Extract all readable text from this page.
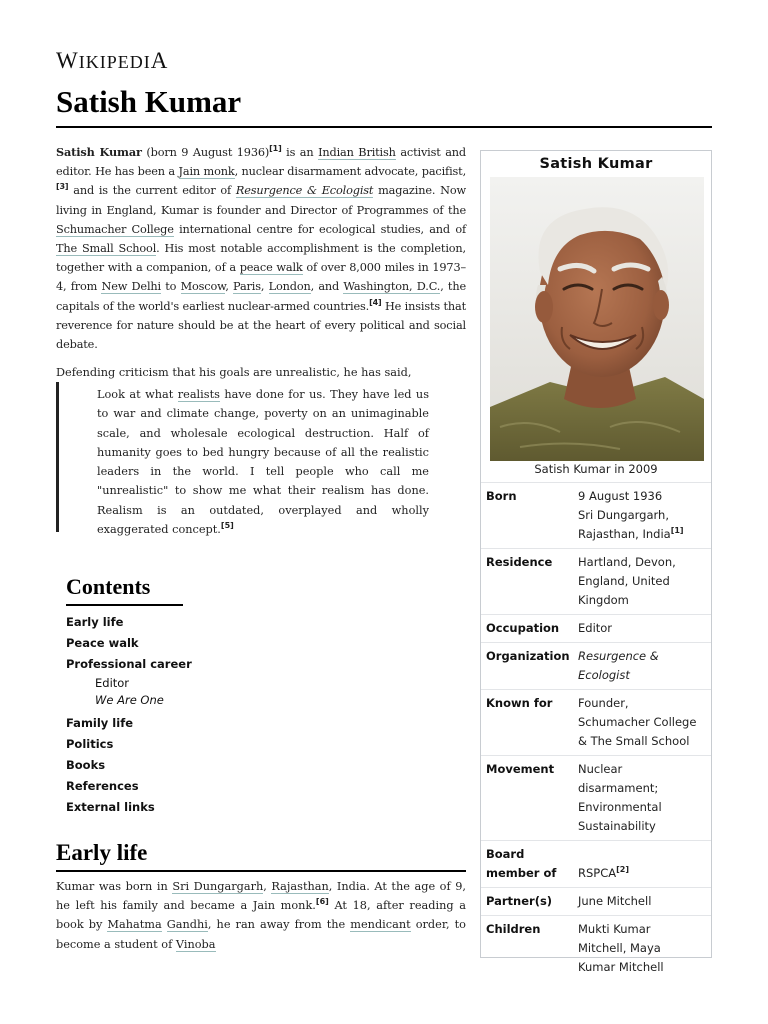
WIKIPEDIA
Satish Kumar

Satish Kumar (born 9 August 1936)[1] is an Indian British activist and editor. He has been a Jain monk, nuclear disarmament advocate, pacifist,[3] and is the current editor of Resurgence & Ecologist magazine. Now living in England, Kumar is founder and Director of Programmes of the Schumacher College international centre for ecological studies, and of The Small School. His most notable accomplishment is the completion, together with a companion, of a peace walk of over 8,000 miles in 1973–4, from New Delhi to Moscow, Paris, London, and Washington, D.C., the capitals of the world's earliest nuclear-armed countries.[4] He insists that reverence for nature should be at the heart of every political and social debate.

Defending criticism that his goals are unrealistic, he has said,

Look at what realists have done for us. They have led us to war and climate change, poverty on an unimaginable scale, and wholesale ecological destruction. Half of humanity goes to bed hungry because of all the realistic leaders in the world. I tell people who call me "unrealistic" to show me what their realism has done. Realism is an outdated, overplayed and wholly exaggerated concept.[5]

Contents
Early life
Peace walk
Professional career
Editor
We Are One
Family life
Politics
Books
References
External links
Early life
Kumar was born in Sri Dungargarh, Rajasthan, India. At the age of 9, he left his family and became a Jain monk.[6] At 18, after reading a book by Mahatma Gandhi, he ran away from the mendicant order, to become a student of Vinoba
Satish Kumar
Satish Kumar in 2009
Born	9 August 1936
Sri Dungargarh,
Rajasthan, India[1]
Residence	Hartland, Devon,
England, United
Kingdom
Occupation	Editor
Organization Resurgence &
Ecologist
Known for	Founder,
Schumacher College
& The Small School
Movement	Nuclear
disarmament;
Environmental
Sustainability
Board
member of	RSPCA[2]
Partner(s)	June Mitchell
Children	Mukti Kumar
Mitchell, Maya
Kumar Mitchell
